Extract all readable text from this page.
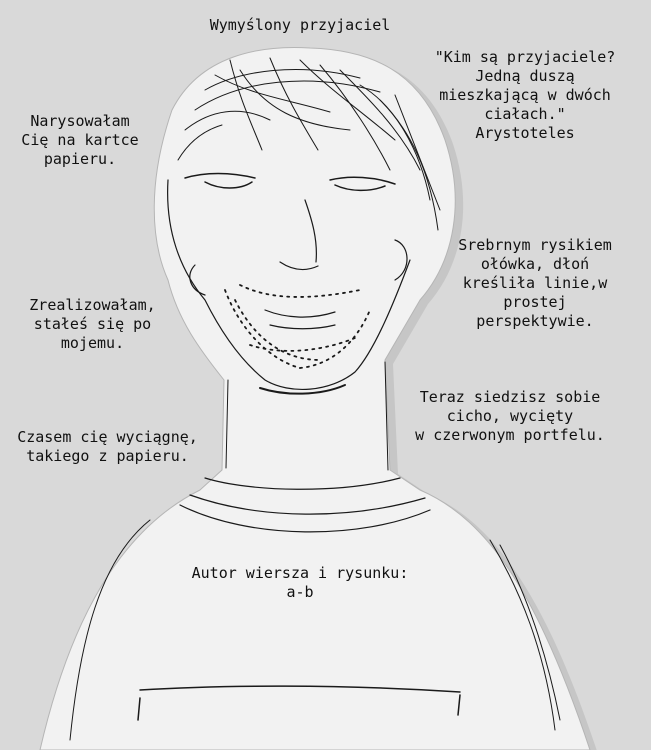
Wymyślony przyjaciel
"Kim są przyjaciele?
Jedną duszą
mieszkającą w dwóch
ciałach."
Arystoteles
Narysowałam
Cię na kartce
papieru.
Srebrnym rysikiem
ołówka, dłoń
kreśliła linie,w
prostej
perspektywie.
Zrealizowałam,
stałeś się po
mojemu.
Teraz siedzisz sobie
cicho, wycięty
w czerwonym portfelu.
Czasem cię wyciągnę,
takiego z papieru.
Autor wiersza i rysunku:
a-b
